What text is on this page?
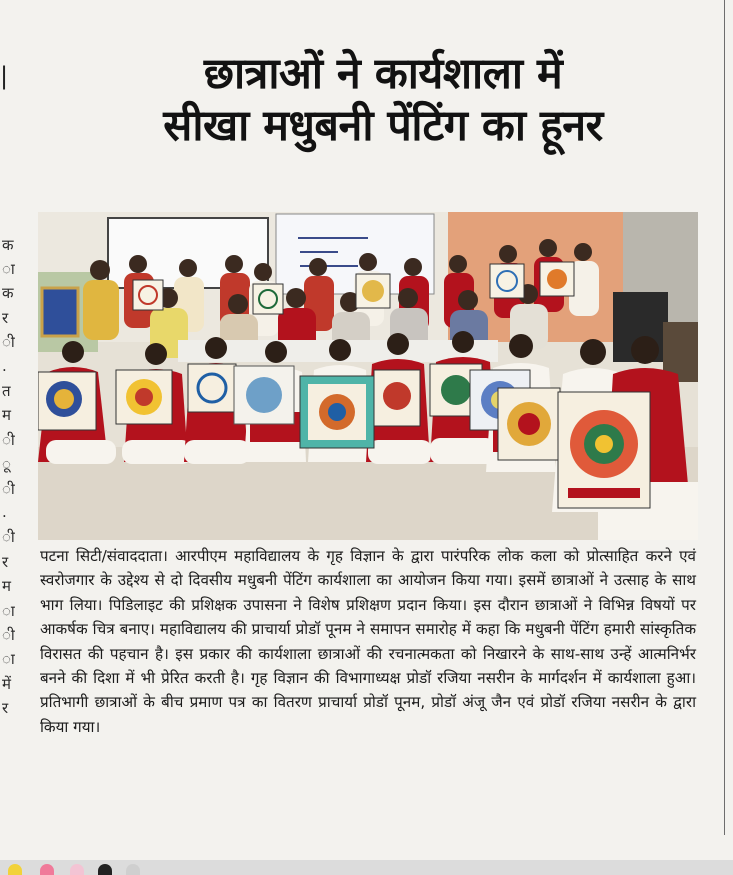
|
क
ा
क
र
ी
.
त
म
ी
ू
ी
.
ी
र
म
ा
ी
ा
में
र
छात्राओं ने कार्यशाला में
सीखा मधुबनी पेंटिंग का हूनर
पटना सिटी/संवाददाता। आरपीएम महाविद्यालय के गृह विज्ञान के द्वारा पारंपरिक लोक कला को प्रोत्साहित करने एवं स्वरोजगार के उद्देश्य से दो दिवसीय मधुबनी पेंटिंग कार्यशाला का आयोजन किया गया। इसमें छात्राओं ने उत्साह के साथ भाग लिया। पिडिलाइट की प्रशिक्षक उपासना ने विशेष प्रशिक्षण प्रदान किया। इस दौरान छात्राओं ने विभिन्न विषयों पर आकर्षक चित्र बनाए। महाविद्यालय की प्राचार्या प्रोडॉ पूनम ने समापन समारोह में कहा कि मधुबनी पेंटिंग हमारी सांस्कृतिक विरासत की पहचान है। इस प्रकार की कार्यशाला छात्राओं की रचनात्मकता को निखारने के साथ-साथ उन्हें आत्मनिर्भर बनने की दिशा में भी प्रेरित करती है। गृह विज्ञान की विभागाध्यक्ष प्रोडॉ रजिया नसरीन के मार्गदर्शन में कार्यशाला हुआ। प्रतिभागी छात्राओं के बीच प्रमाण पत्र का वितरण प्राचार्या प्रोडॉ पूनम, प्रोडॉ अंजू जैन एवं प्रोडॉ रजिया नसरीन के द्वारा किया गया।
